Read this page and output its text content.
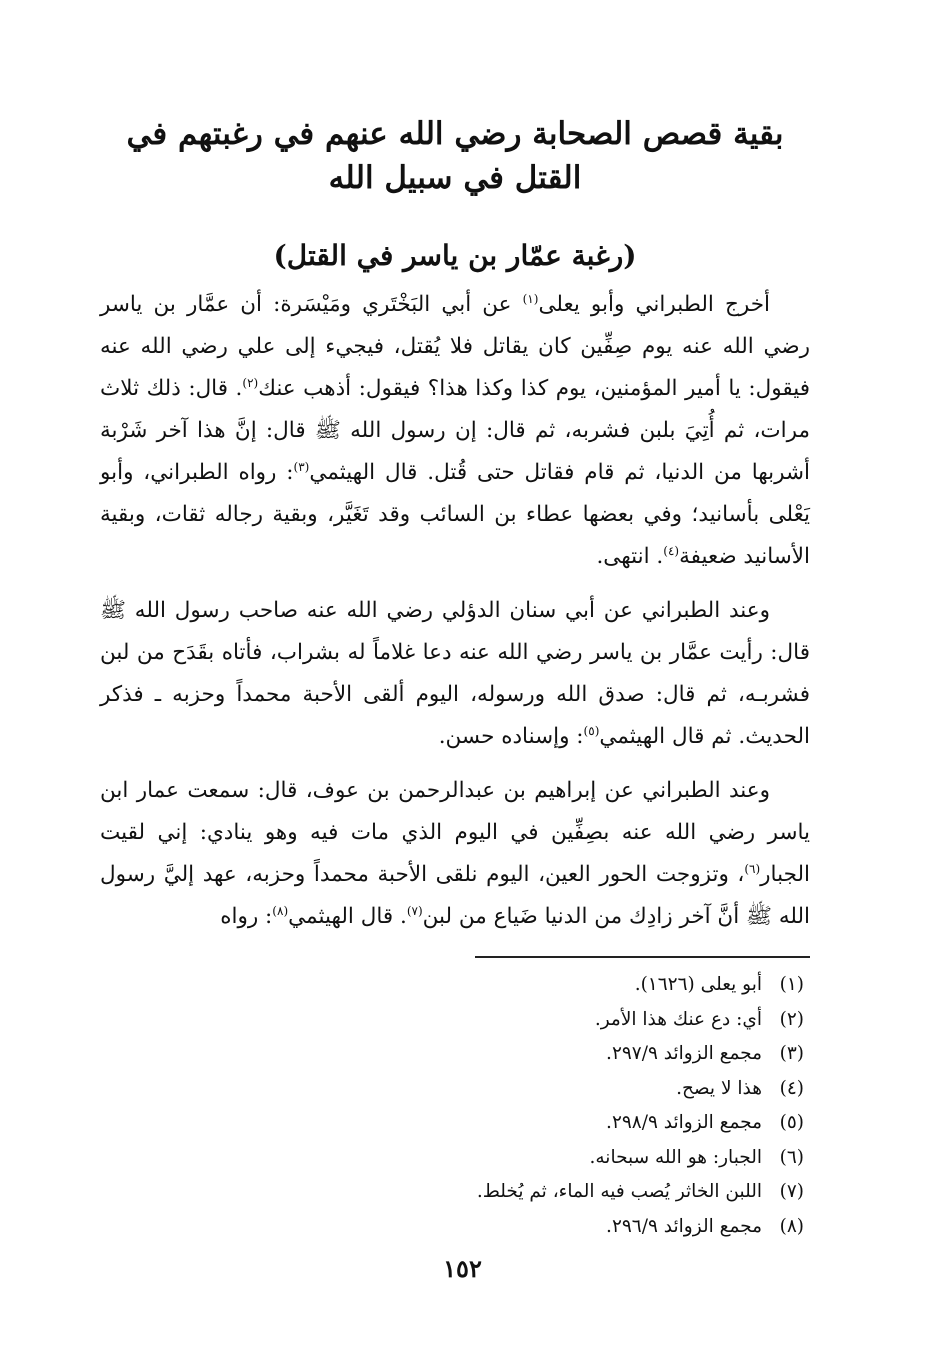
بقية قصص الصحابة رضي الله عنهم في رغبتهم في القتل في سبيل الله
(رغبة عمّار بن ياسر في القتل)

أخرج الطبراني وأبو يعلى$^{(١)}$ عن أبي البَخْتَري ومَيْسَرة: أن عمَّار بن ياسر رضي الله عنه يوم صِفِّين كان يقاتل فلا يُقتل، فيجيء إلى علي رضي الله عنه فيقول: يا أمير المؤمنين، يوم كذا وكذا هذا؟ فيقول: أذهب عنك$^{(٢)}$. قال: ذلك ثلاث مرات، ثم أُتِيَ بلبن فشربه، ثم قال: إن رسول الله ﷺ قال: إنَّ هذا آخر شَرْبة أشربها من الدنيا، ثم قام فقاتل حتى قُتل. قال الهيثمي$^{(٣)}$: رواه الطبراني، وأبو يَعْلى بأسانيد؛ وفي بعضها عطاء بن السائب وقد تَغَيَّر، وبقية رجاله ثقات، وبقية الأسانيد ضعيفة$^{(٤)}$. انتهى.

وعند الطبراني عن أبي سنان الدؤلي رضي الله عنه صاحب رسول الله ﷺ قال: رأيت عمَّار بن ياسر رضي الله عنه دعا غلاماً له بشراب، فأتاه بقَدَح من لبن فشربـه، ثم قال: صدق الله ورسوله، اليوم ألقى الأحبة محمداً وحزبه ـ فذكر الحديث. ثم قال الهيثمي$^{(٥)}$: وإسناده حسن.

وعند الطبراني عن إبراهيم بن عبدالرحمن بن عوف، قال: سمعت عمار ابن ياسر رضي الله عنه بصِفِّين في اليوم الذي مات فيه وهو ينادي: إني لقيت الجبار$^{(٦)}$، وتزوجت الحور العين، اليوم نلقى الأحبة محمداً وحزبه، عهد إليَّ رسول الله ﷺ أنَّ آخر زادِك من الدنيا ضَياع من لبن$^{(٧)}$. قال الهيثمي$^{(٨)}$: رواه

(١)أبو يعلى (١٦٢٦).
(٢)أي: دع عنك هذا الأمر.
(٣)مجمع الزوائد ٢٩٧/٩.
(٤)هذا لا يصح.
(٥)مجمع الزوائد ٢٩٨/٩.
(٦)الجبار: هو الله سبحانه.
(٧)اللبن الخاثر يُصب فيه الماء، ثم يُخلط.
(٨)مجمع الزوائد ٢٩٦/٩.
١٥٢
